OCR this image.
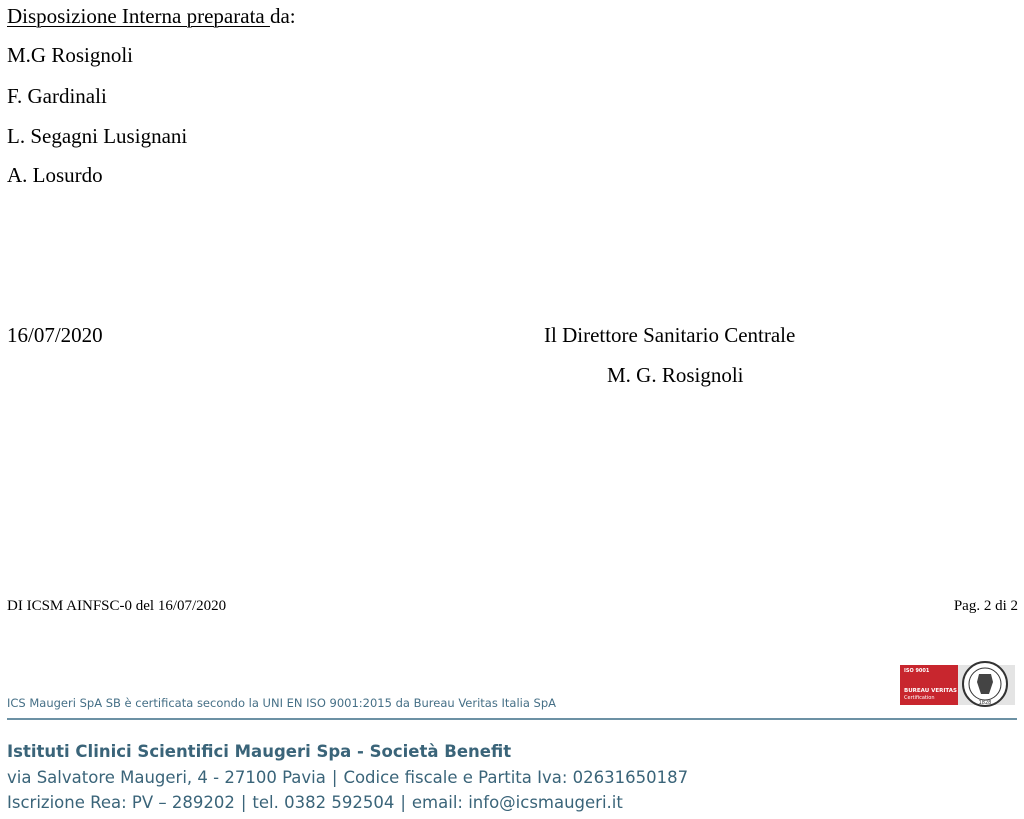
Disposizione Interna preparata da:
M.G Rosignoli
F. Gardinali
L. Segagni Lusignani
A. Losurdo
16/07/2020	Il Direttore Sanitario Centrale
M. G. Rosignoli
DI ICSM AINFSC-0 del 16/07/2020	Pag. 2 di 2
ICS Maugeri SpA SB è certificata secondo la UNI EN ISO 9001:2015 da Bureau Veritas Italia SpA
ISO 9001
BUREAU VERITAS
Certification
1828
Istituti Clinici Scientifici Maugeri Spa - Società Benefit
via Salvatore Maugeri, 4 - 27100 Pavia | Codice fiscale e Partita Iva: 02631650187
Iscrizione Rea: PV – 289202 | tel. 0382 592504 | email: info@icsmaugeri.it
